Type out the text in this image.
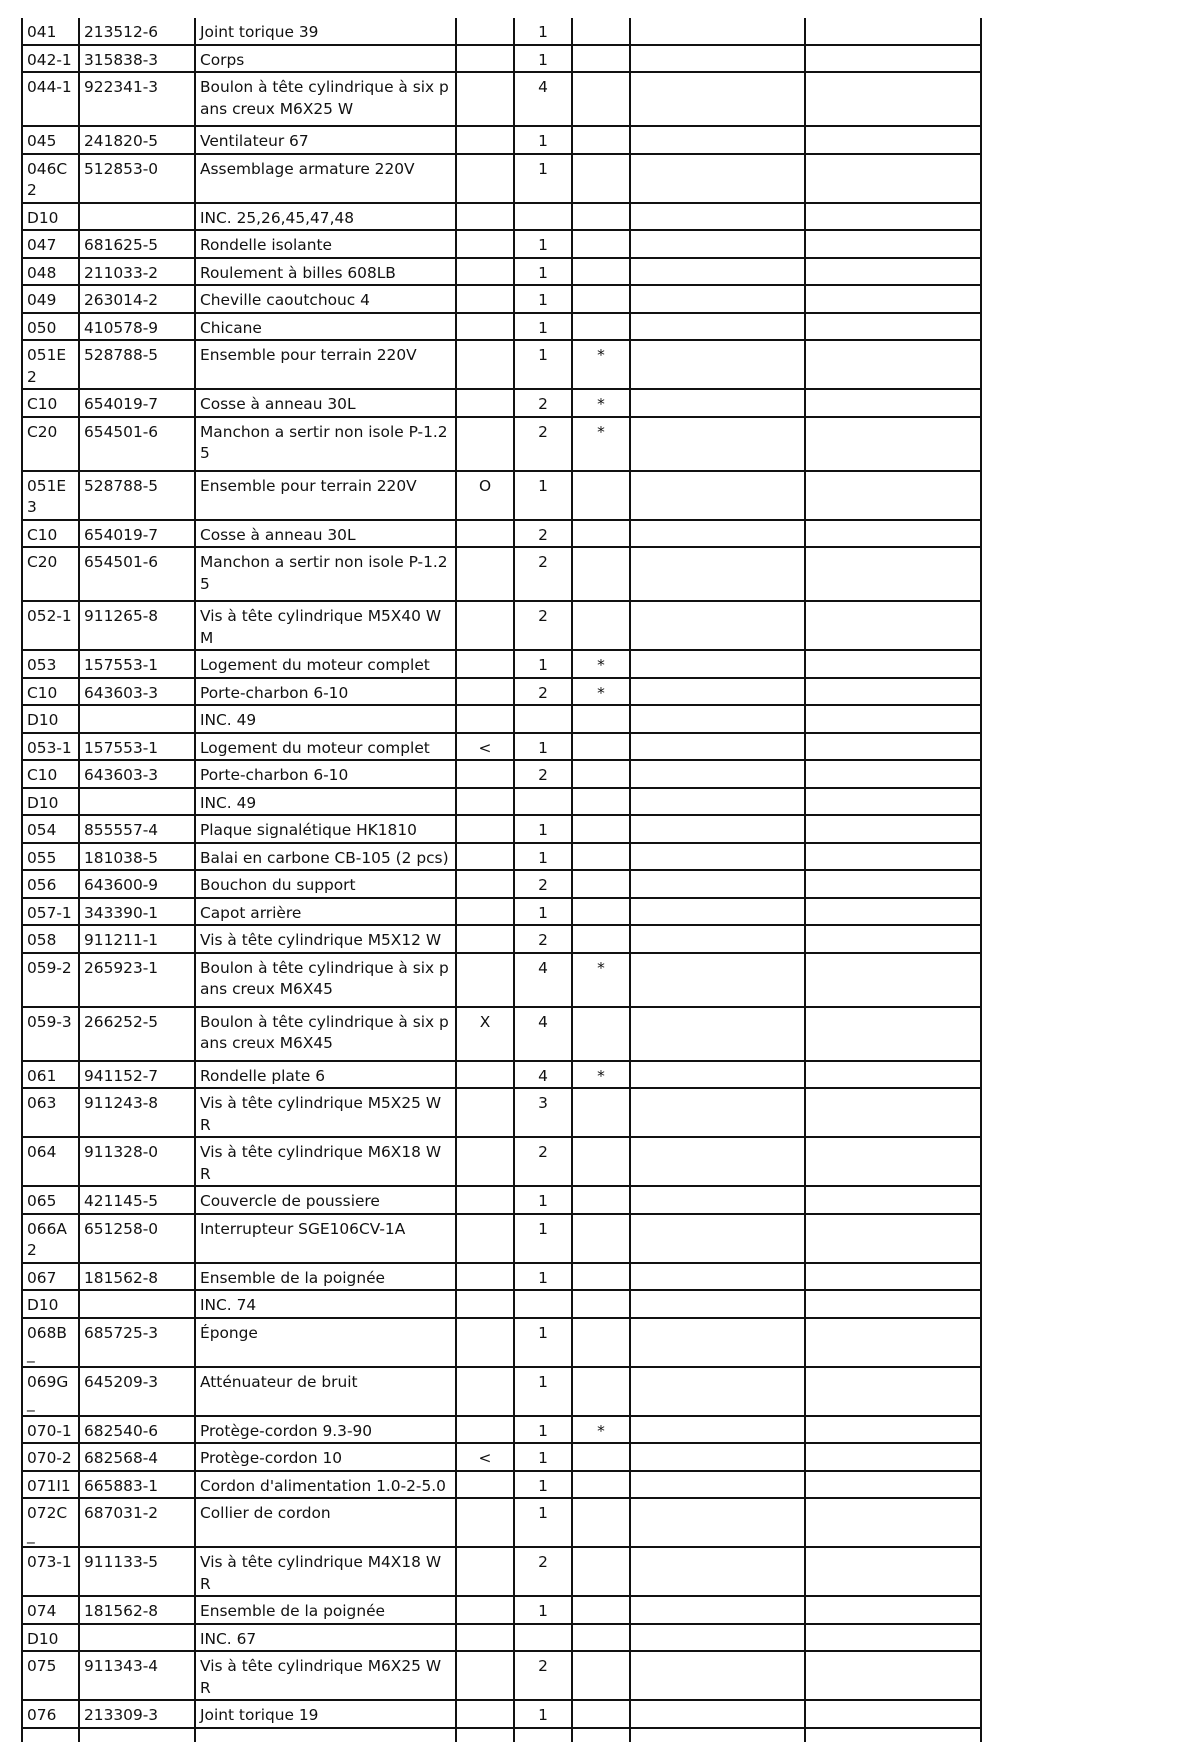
041	213512-6	Joint torique 39		1			
042-1	315838-3	Corps		1			
044-1	922341-3	Boulon à tête cylindrique à six pans creux M6X25 W		4			
045	241820-5	Ventilateur 67		1			
046C2	512853-0	Assemblage armature 220V		1			
D10		INC. 25,26,45,47,48					
047	681625-5	Rondelle isolante		1			
048	211033-2	Roulement à billes 608LB		1			
049	263014-2	Cheville caoutchouc 4		1			
050	410578-9	Chicane		1			
051E2	528788-5	Ensemble pour terrain 220V		1	*		
C10	654019-7	Cosse à anneau 30L		2	*		
C20	654501-6	Manchon a sertir non isole P-1.25		2	*		
051E3	528788-5	Ensemble pour terrain 220V	O	1			
C10	654019-7	Cosse à anneau 30L		2			
C20	654501-6	Manchon a sertir non isole P-1.25		2			
052-1	911265-8	Vis à tête cylindrique M5X40 WM		2			
053	157553-1	Logement du moteur complet		1	*		
C10	643603-3	Porte-charbon 6-10		2	*		
D10		INC. 49					
053-1	157553-1	Logement du moteur complet	<	1			
C10	643603-3	Porte-charbon 6-10		2			
D10		INC. 49					
054	855557-4	Plaque signalétique HK1810		1			
055	181038-5	Balai en carbone CB-105 (2 pcs)		1			
056	643600-9	Bouchon du support		2			
057-1	343390-1	Capot arrière		1			
058	911211-1	Vis à tête cylindrique M5X12 W		2			
059-2	265923-1	Boulon à tête cylindrique à six pans creux M6X45		4	*		
059-3	266252-5	Boulon à tête cylindrique à six pans creux M6X45	X	4			
061	941152-7	Rondelle plate 6		4	*		
063	911243-8	Vis à tête cylindrique M5X25 WR		3			
064	911328-0	Vis à tête cylindrique M6X18 WR		2			
065	421145-5	Couvercle de poussiere		1			
066A2	651258-0	Interrupteur SGE106CV-1A		1			
067	181562-8	Ensemble de la poignée		1			
D10		INC. 74					
068B_	685725-3	Éponge		1			
069G_	645209-3	Atténuateur de bruit		1			
070-1	682540-6	Protège-cordon 9.3-90		1	*		
070-2	682568-4	Protège-cordon 10	<	1			
071I1	665883-1	Cordon d'alimentation 1.0-2-5.0		1			
072C_	687031-2	Collier de cordon		1			
073-1	911133-5	Vis à tête cylindrique M4X18 WR		2			
074	181562-8	Ensemble de la poignée		1			
D10		INC. 67					
075	911343-4	Vis à tête cylindrique M6X25 WR		2			
076	213309-3	Joint torique 19		1			
